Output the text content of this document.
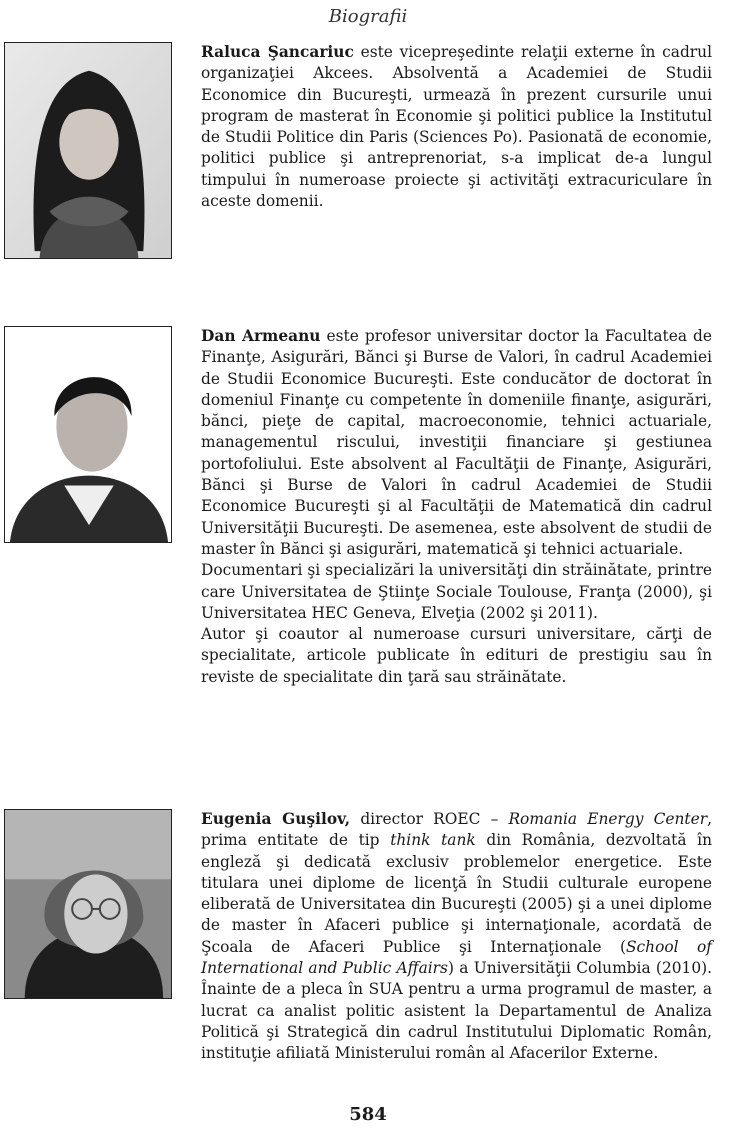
Biografii

Raluca Şancariuc este vicepreşedinte relaţii externe în cadrul organizaţiei Akcees. Absolventă a Academiei de Studii Economice din Bucureşti, urmează în prezent cursurile unui program de masterat în Economie şi politici publice la Institutul de Studii Politice din Paris (Sciences Po). Pasionată de economie, politici publice şi antreprenoriat, s-a implicat de-a lungul timpului în numeroase proiecte şi activităţi extracuriculare în aceste domenii.

Dan Armeanu este profesor universitar doctor la Facultatea de Finanţe, Asigurări, Bănci şi Burse de Valori, în cadrul Academiei de Studii Economice Bucureşti. Este conducător de doctorat în domeniul Finanţe cu competente în domeniile finanţe, asigurări, bănci, pieţe de capital, macroeconomie, tehnici actuariale, managementul riscului, investiţii financiare şi gestiunea portofoliului. Este absolvent al Facultăţii de Finanţe, Asigurări, Bănci şi Burse de Valori în cadrul Academiei de Studii Economice Bucureşti şi al Facultăţii de Matematică din cadrul Universităţii Bucureşti. De asemenea, este absolvent de studii de master în Bănci şi asigurări, matematică şi tehnici actuariale.

Documentari şi specializări la universităţi din străinătate, printre care Universitatea de Ştiinţe Sociale Toulouse, Franţa (2000), şi Universitatea HEC Geneva, Elveţia (2002 şi 2011).

Autor şi coautor al numeroase cursuri universitare, cărţi de specialitate, articole publicate în edituri de prestigiu sau în reviste de specialitate din ţară sau străinătate.

Eugenia Guşilov, director ROEC – Romania Energy Center, prima entitate de tip think tank din România, dezvoltată în engleză şi dedicată exclusiv problemelor energetice. Este titulara unei diplome de licenţă în Studii culturale europene eliberată de Universitatea din Bucureşti (2005) şi a unei diplome de master în Afaceri publice şi internaţionale, acordată de Şcoala de Afaceri Publice şi Internaţionale (School of International and Public Affairs) a Universităţii Columbia (2010). Înainte de a pleca în SUA pentru a urma programul de master, a lucrat ca analist politic asistent la Departamentul de Analiza Politică şi Strategică din cadrul Institutului Diplomatic Român, instituţie afiliată Ministerului român al Afacerilor Externe.

584
